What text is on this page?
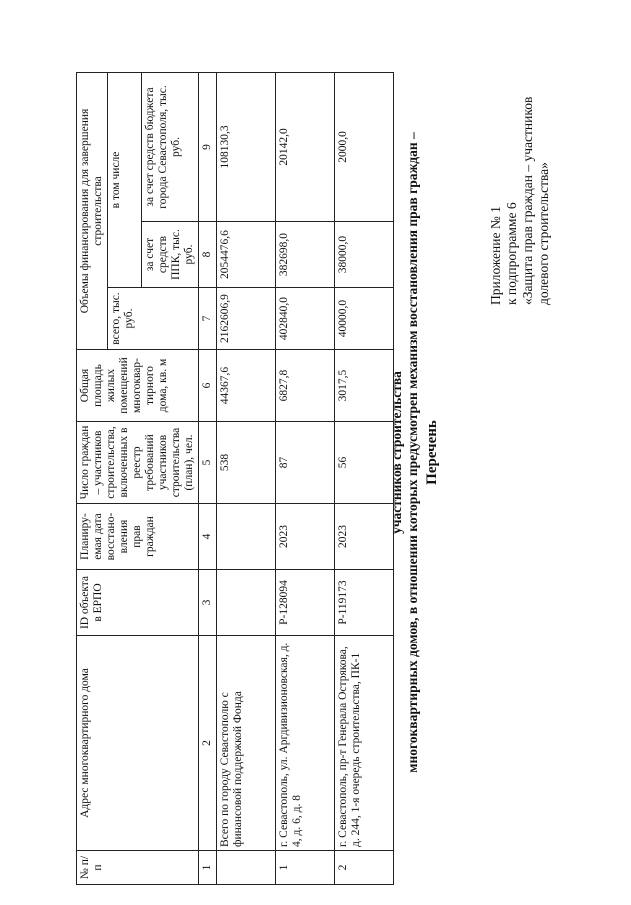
Приложение № 1 к подпрограмме 6 «Защита прав граждан – участников долевого строительства»
Перечень
многоквартирных домов, в отношении которых предусмотрен механизм восстановления прав граждан –
участников строительства
№ п/п	Адрес многоквартирного дома	ID объекта в ЕРПО	Планиру-емая дата восстано-вления прав граждан	Число граждан – участников строительства, включенных в реестр требований участников строительства (план), чел.	Общая площадь жилых помещений многоквар-тирного дома, кв. м	Объемы финансирования для завершения строительства		
						всего, тыс. руб.	в том числе	
							за счет средств ППК, тыс. руб.	за счет средств бюджета города Севастополя, тыс. руб.
1	2	3	4	5	6	7	8	9
	Всего по городу Севастополю с финансовой поддержкой Фонда			538	44367,6	2162606,9	2054476,6	108130,3
1	г. Севастополь, ул. Аргдивизионовская, д. 4, д. 6, д. 8	Р-128094	2023	87	6827,8	402840,0	382698,0	20142,0
2	г. Севастополь, пр-т Генерала Острякова, д. 244, 1-я очередь строительства, ПК-1	Р-119173	2023	56	3017,5	40000,0	38000,0	2000,0
